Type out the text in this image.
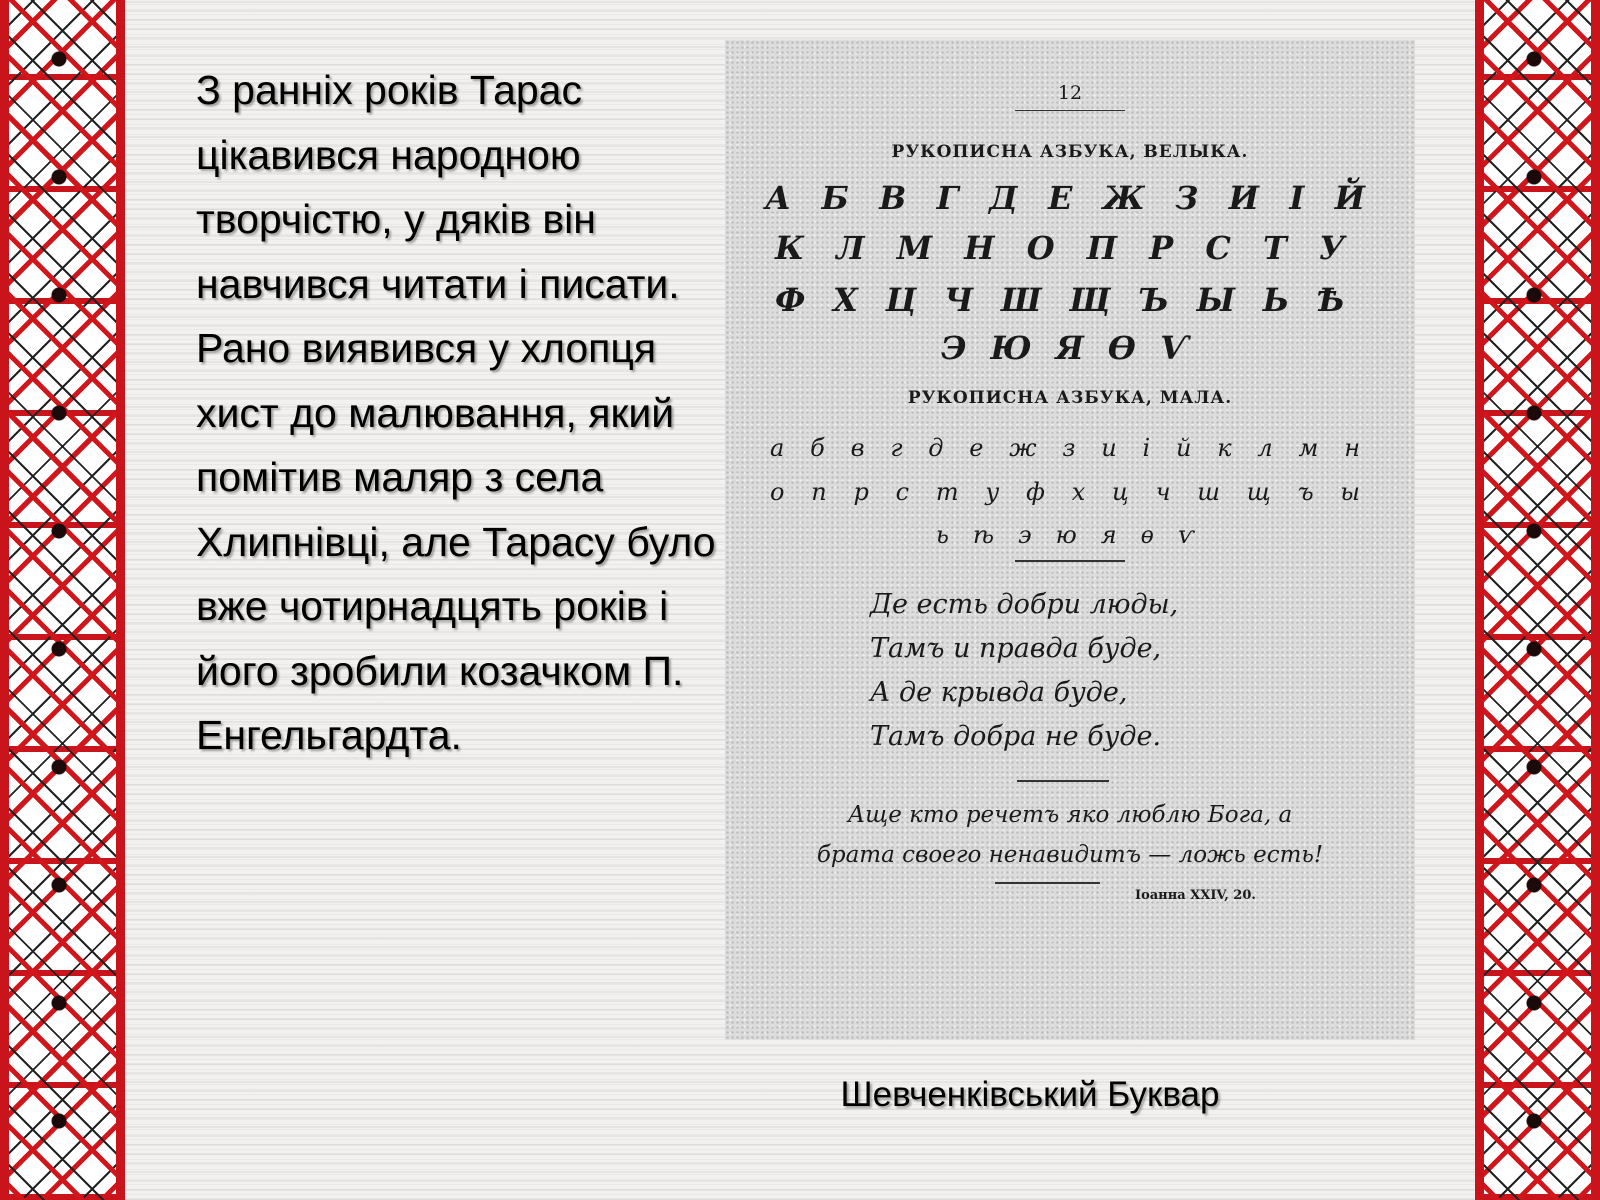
З ранніх років Тарас цікавився народною творчістю, у дяків він навчився читати і писати. Рано виявився у хлопця хист до малювання, який помітив маляр з села Хлипнівці, але Тарасу було вже чотирнадцять років і його зробили козачком П. Енгельгардта.

12
РУКОПИСНА АЗБУКА, ВЕЛЫКА.
А Б В Г Д Е Ж З И І Й
К Л М Н О П Р С Т У
Ф Х Ц Ч Ш Щ Ъ Ы Ь Ѣ
Э Ю Я Ѳ Ѵ
РУКОПИСНА АЗБУКА, МАЛА.
а б в г д е ж з и і й к л м н
о п р с т у ф х ц ч ш щ ъ ы
ь ѣ э ю я ѳ ѵ
Де есть добри люды,
Тамъ и правда буде,
А де крывда буде,
Тамъ добра не буде.
Аще кто речетъ яко люблю Бога, а
брата своего ненавидитъ — ложь есть!
Іоанна XXIV, 20.
Шевченківський Буквар
